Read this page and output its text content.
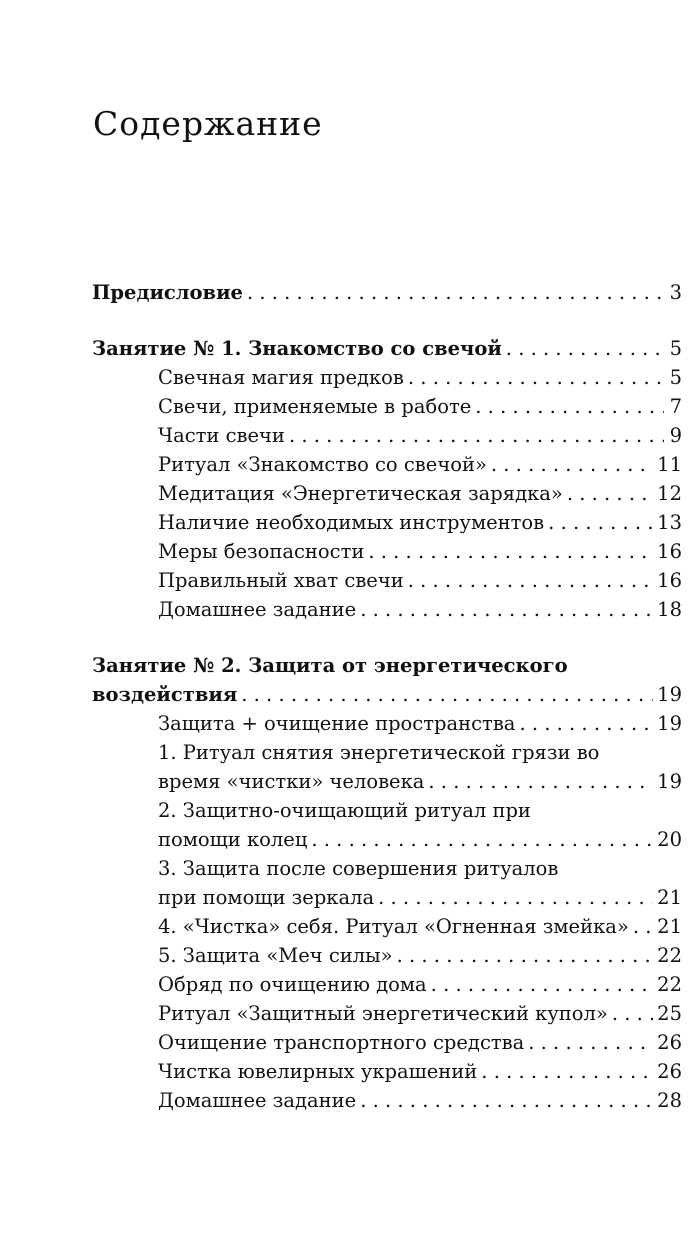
Содержание
Предисловие . . .	3
Занятие № 1. Знакомство со свечой . . .	5
Свечная магия предков . . .	5
Свечи, применяемые в работе . . .	7
Части свечи . . .	9
Ритуал «Знакомство со свечой» . . .	11
Медитация «Энергетическая зарядка» . . .	12
Наличие необходимых инструментов . . .	13
Меры безопасности . . .	16
Правильный хват свечи . . .	16
Домашнее задание . . .	18
Занятие № 2. Защита от энергетического
воздействия . . .	19
Защита + очищение пространства . . .	19
1. Ритуал снятия энергетической грязи во
время «чистки» человека . . .	19
2. Защитно-очищающий ритуал при
помощи колец . . .	20
3. Защита после совершения ритуалов
при помощи зеркала . . .	21
4. «Чистка» себя. Ритуал «Огненная змейка» . . . 21
5. Защита «Меч силы» . . .	22
Обряд по очищению дома . . .	22
Ритуал «Защитный энергетический купол» . . .	25
Очищение транспортного средства . . .	26
Чистка ювелирных украшений . . .	26
Домашнее задание . . .	28
